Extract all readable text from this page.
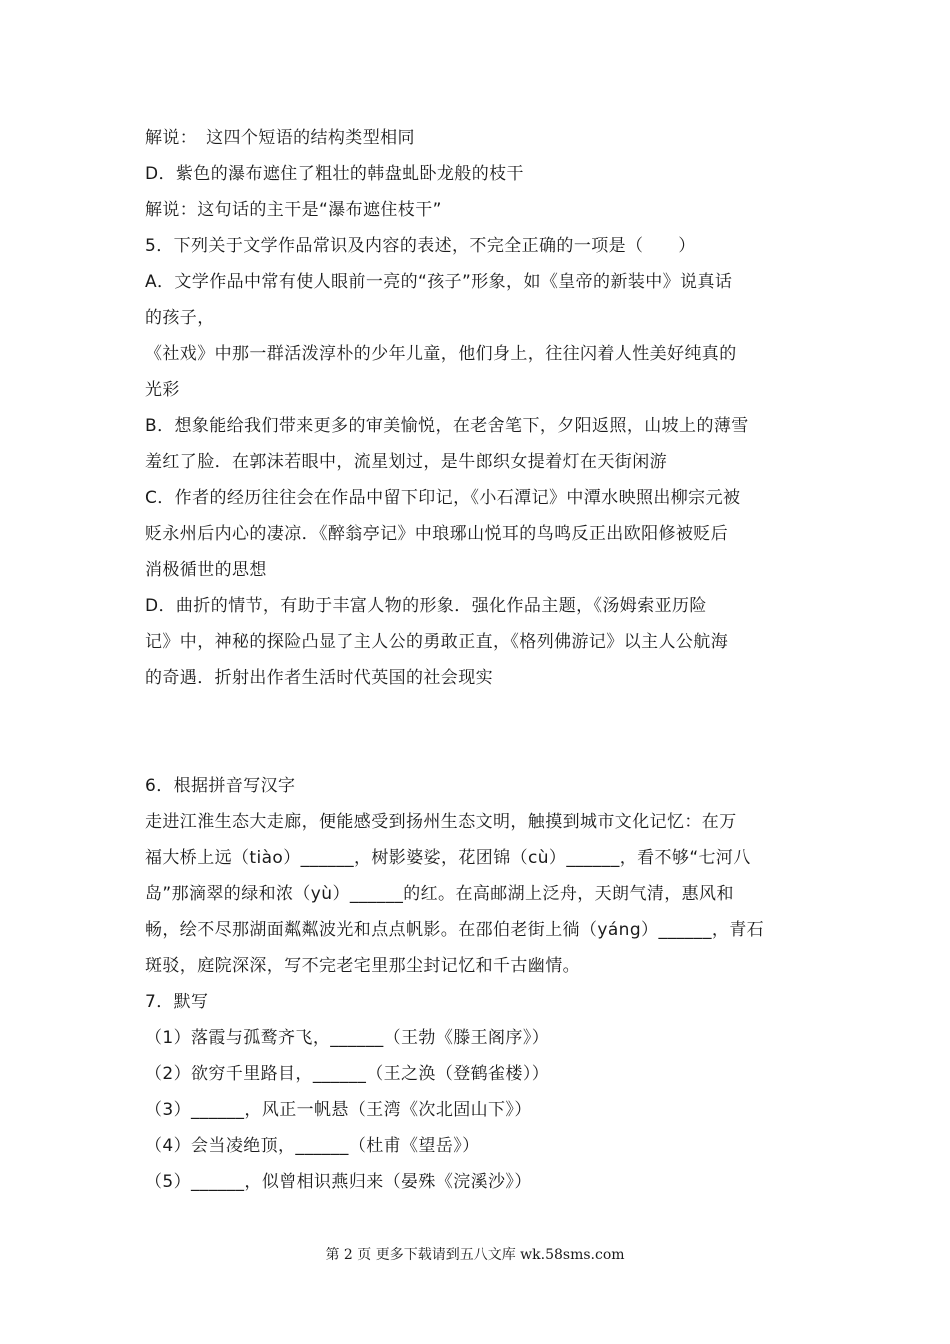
解说：　这四个短语的结构类型相同
D．紫色的瀑布遮住了粗壮的韩盘虬卧龙般的枝干
解说：这句话的主干是“瀑布遮住枝干”
5．下列关于文学作品常识及内容的表述，不完全正确的一项是（　　）
A．文学作品中常有使人眼前一亮的“孩子”形象，如《皇帝的新装中》说真话
的孩子，
《社戏》中那一群活泼淳朴的少年儿童，他们身上，往往闪着人性美好纯真的
光彩
B．想象能给我们带来更多的审美愉悦，在老舍笔下，夕阳返照，山坡上的薄雪
羞红了脸．在郭沫若眼中，流星划过，是牛郎织女提着灯在天街闲游
C．作者的经历往往会在作品中留下印记，《小石潭记》中潭水映照出柳宗元被
贬永州后内心的凄凉．《醉翁亭记》中琅琊山悦耳的鸟鸣反正出欧阳修被贬后
消极循世的思想
D．曲折的情节，有助于丰富人物的形象．强化作品主题，《汤姆索亚历险
记》中，神秘的探险凸显了主人公的勇敢正直，《格列佛游记》以主人公航海
的奇遇．折射出作者生活时代英国的社会现实
6．根据拼音写汉字
走进江淮生态大走廊，便能感受到扬州生态文明，触摸到城市文化记忆：在万
福大桥上远（tiào）______，树影婆娑，花团锦（cù）______，看不够“七河八
岛”那滴翠的绿和浓（yù）______的红。在高邮湖上泛舟，天朗气清，惠风和
畅，绘不尽那湖面粼粼波光和点点帆影。在邵伯老街上徜（yáng）______，青石
斑驳，庭院深深，写不完老宅里那尘封记忆和千古幽情。
7．默写
（1）落霞与孤鹜齐飞，______（王勃《滕王阁序》）
（2）欲穷千里路目，______（王之涣（登鹤雀楼））
（3）______，风正一帆悬（王湾《次北固山下》）
（4）会当凌绝顶，______（杜甫《望岳》）
（5）______，似曾相识燕归来（晏殊《浣溪沙》）
第 2 页 更多下载请到五八文库 wk.58sms.com
